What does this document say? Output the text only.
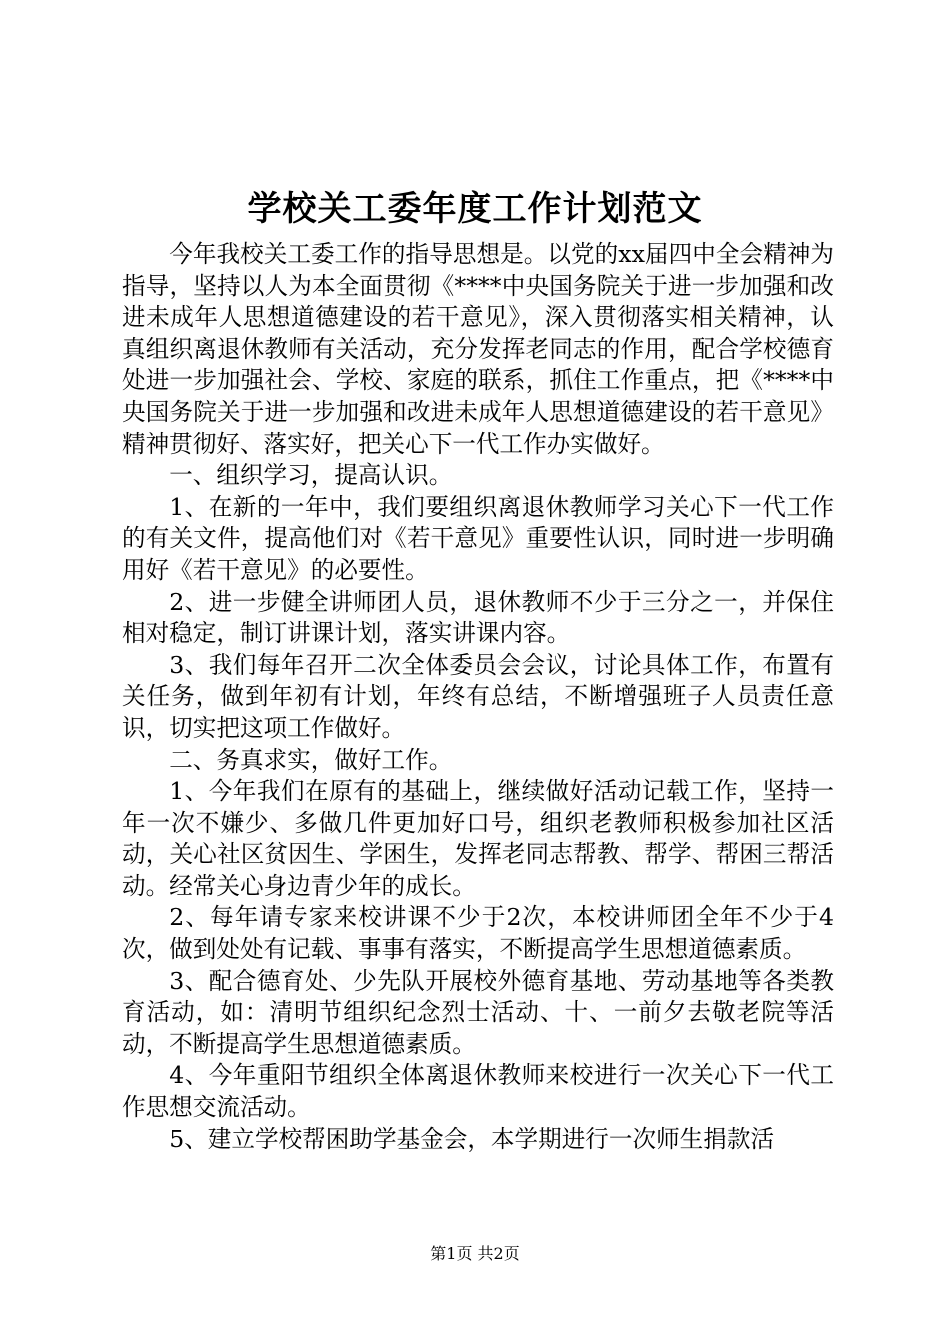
学校关工委年度工作计划范文

今年我校关工委工作的指导思想是。以党的xx届四中全会精神为指导，坚持以人为本全面贯彻《****中央国务院关于进一步加强和改进未成年人思想道德建设的若干意见》，深入贯彻落实相关精神，认真组织离退休教师有关活动，充分发挥老同志的作用，配合学校德育处进一步加强社会、学校、家庭的联系，抓住工作重点，把《****中央国务院关于进一步加强和改进未成年人思想道德建设的若干意见》精神贯彻好、落实好，把关心下一代工作办实做好。

一、组织学习，提高认识。

1、在新的一年中，我们要组织离退休教师学习关心下一代工作的有关文件，提高他们对《若干意见》重要性认识，同时进一步明确用好《若干意见》的必要性。

2、进一步健全讲师团人员，退休教师不少于三分之一，并保住相对稳定，制订讲课计划，落实讲课内容。

3、我们每年召开二次全体委员会会议，讨论具体工作，布置有关任务，做到年初有计划，年终有总结，不断增强班子人员责任意识，切实把这项工作做好。

二、务真求实，做好工作。

1、今年我们在原有的基础上，继续做好活动记载工作，坚持一年一次不嫌少、多做几件更加好口号，组织老教师积极参加社区活动，关心社区贫因生、学困生，发挥老同志帮教、帮学、帮困三帮活动。经常关心身边青少年的成长。

2、每年请专家来校讲课不少于2次，本校讲师团全年不少于4次，做到处处有记载、事事有落实，不断提高学生思想道德素质。

3、配合德育处、少先队开展校外德育基地、劳动基地等各类教育活动，如：清明节组织纪念烈士活动、十、一前夕去敬老院等活动，不断提高学生思想道德素质。

4、今年重阳节组织全体离退休教师来校进行一次关心下一代工作思想交流活动。

5、建立学校帮困助学基金会，本学期进行一次师生捐款活

第1页 共2页
